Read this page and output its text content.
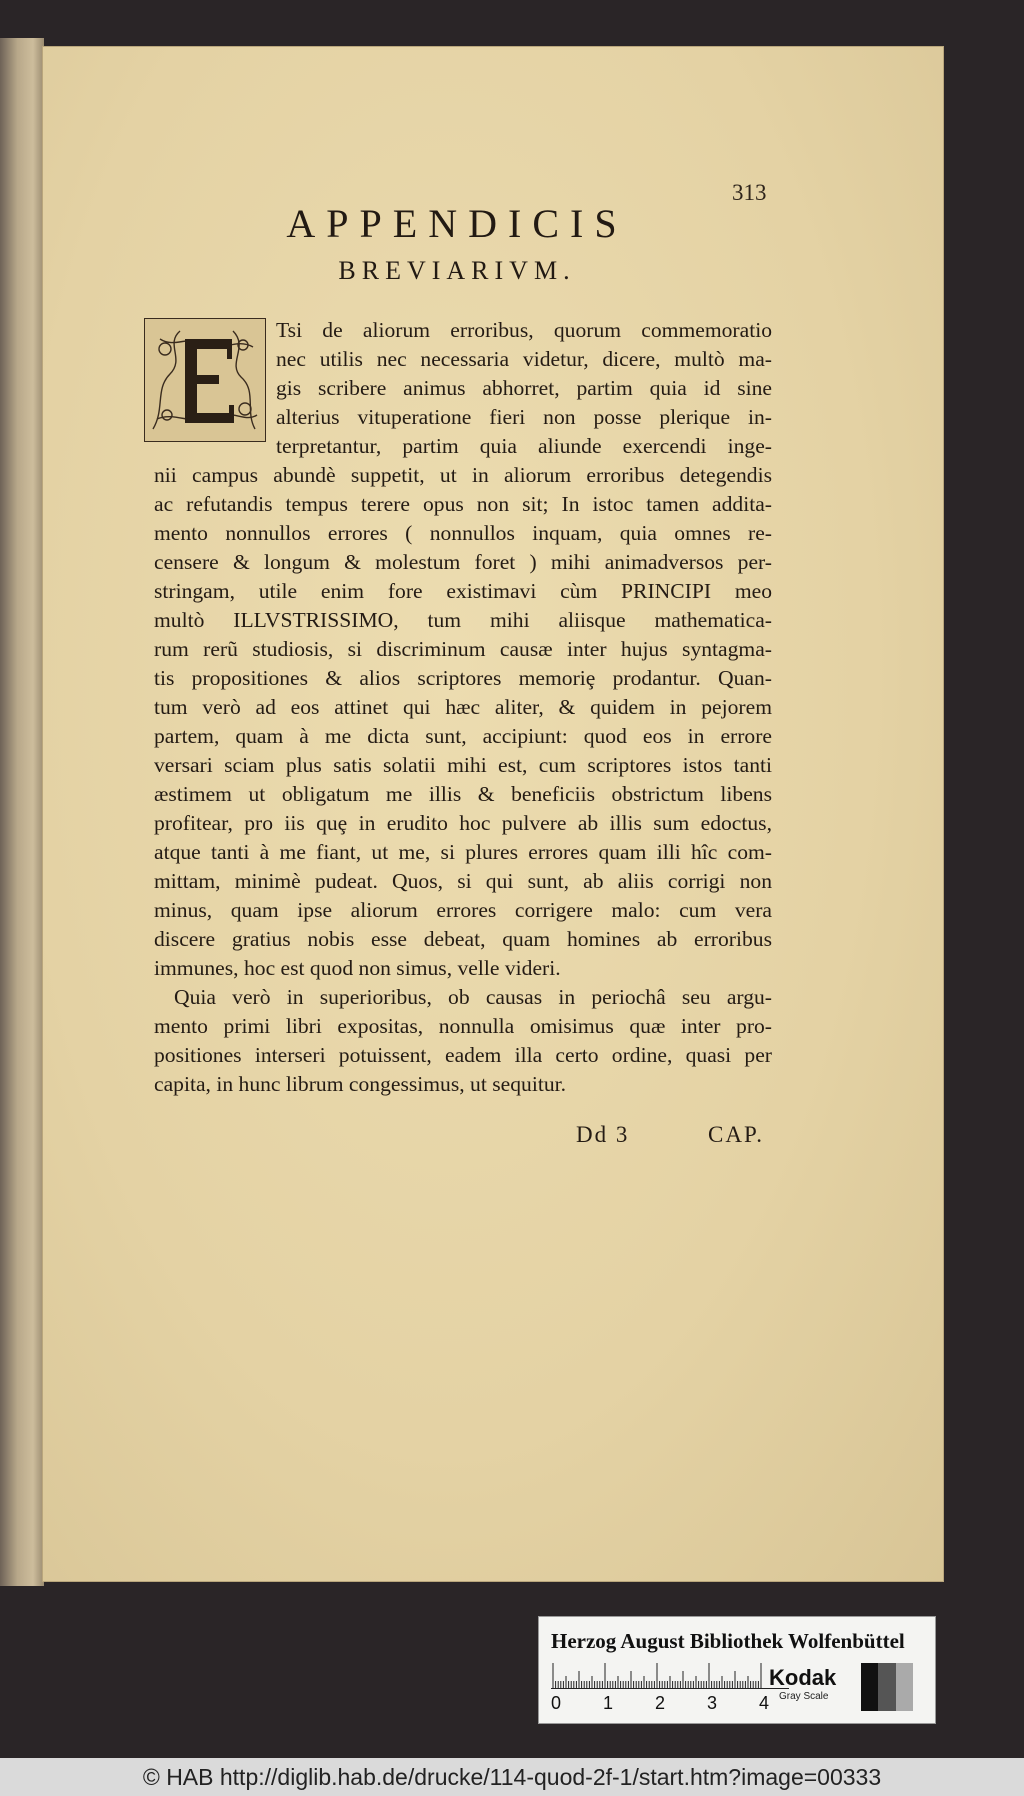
313
APPENDICIS
BREVIARIVM.
Tsi de aliorum erroribus, quorum commemoratio
nec utilis nec necessaria videtur, dicere, multò ma-
gis scribere animus abhorret, partim quia id sine
alterius vituperatione fieri non posse plerique in-
terpretantur, partim quia aliunde exercendi inge-
nii campus abundè suppetit, ut in aliorum erroribus detegendis
ac refutandis tempus terere opus non sit; In istoc tamen addita-
mento nonnullos errores ( nonnullos inquam, quia omnes re-
censere & longum & molestum foret ) mihi animadversos per-
stringam, utile enim fore existimavi cùm PRINCIPI meo
multò ILLVSTRISSIMO, tum mihi aliisque mathematica-
rum rerũ studiosis, si discriminum causæ inter hujus syntagma-
tis propositiones & alios scriptores memoriȩ prodantur. Quan-
tum verò ad eos attinet qui hæc aliter, & quidem in pejorem
partem, quam à me dicta sunt, accipiunt: quod eos in errore
versari sciam plus satis solatii mihi est, cum scriptores istos tanti
æstimem ut obligatum me illis & beneficiis obstrictum libens
profitear, pro iis quȩ in erudito hoc pulvere ab illis sum edoctus,
atque tanti à me fiant, ut me, si plures errores quam illi hîc com-
mittam, minimè pudeat. Quos, si qui sunt, ab aliis corrigi non
minus, quam ipse aliorum errores corrigere malo: cum vera
discere gratius nobis esse debeat, quam homines ab erroribus
immunes, hoc est quod non simus, velle videri.
Quia verò in superioribus, ob causas in periochâ seu argu-
mento primi libri expositas, nonnulla omisimus quæ inter pro-
positiones interseri potuissent, eadem illa certo ordine, quasi per
capita, in hunc librum congessimus, ut sequitur.
Dd 3	CAP.
Herzog August Bibliothek Wolfenbüttel
0 1 2 3 4
Kodak
Gray Scale
© HAB http://diglib.hab.de/drucke/114-quod-2f-1/start.htm?image=00333
